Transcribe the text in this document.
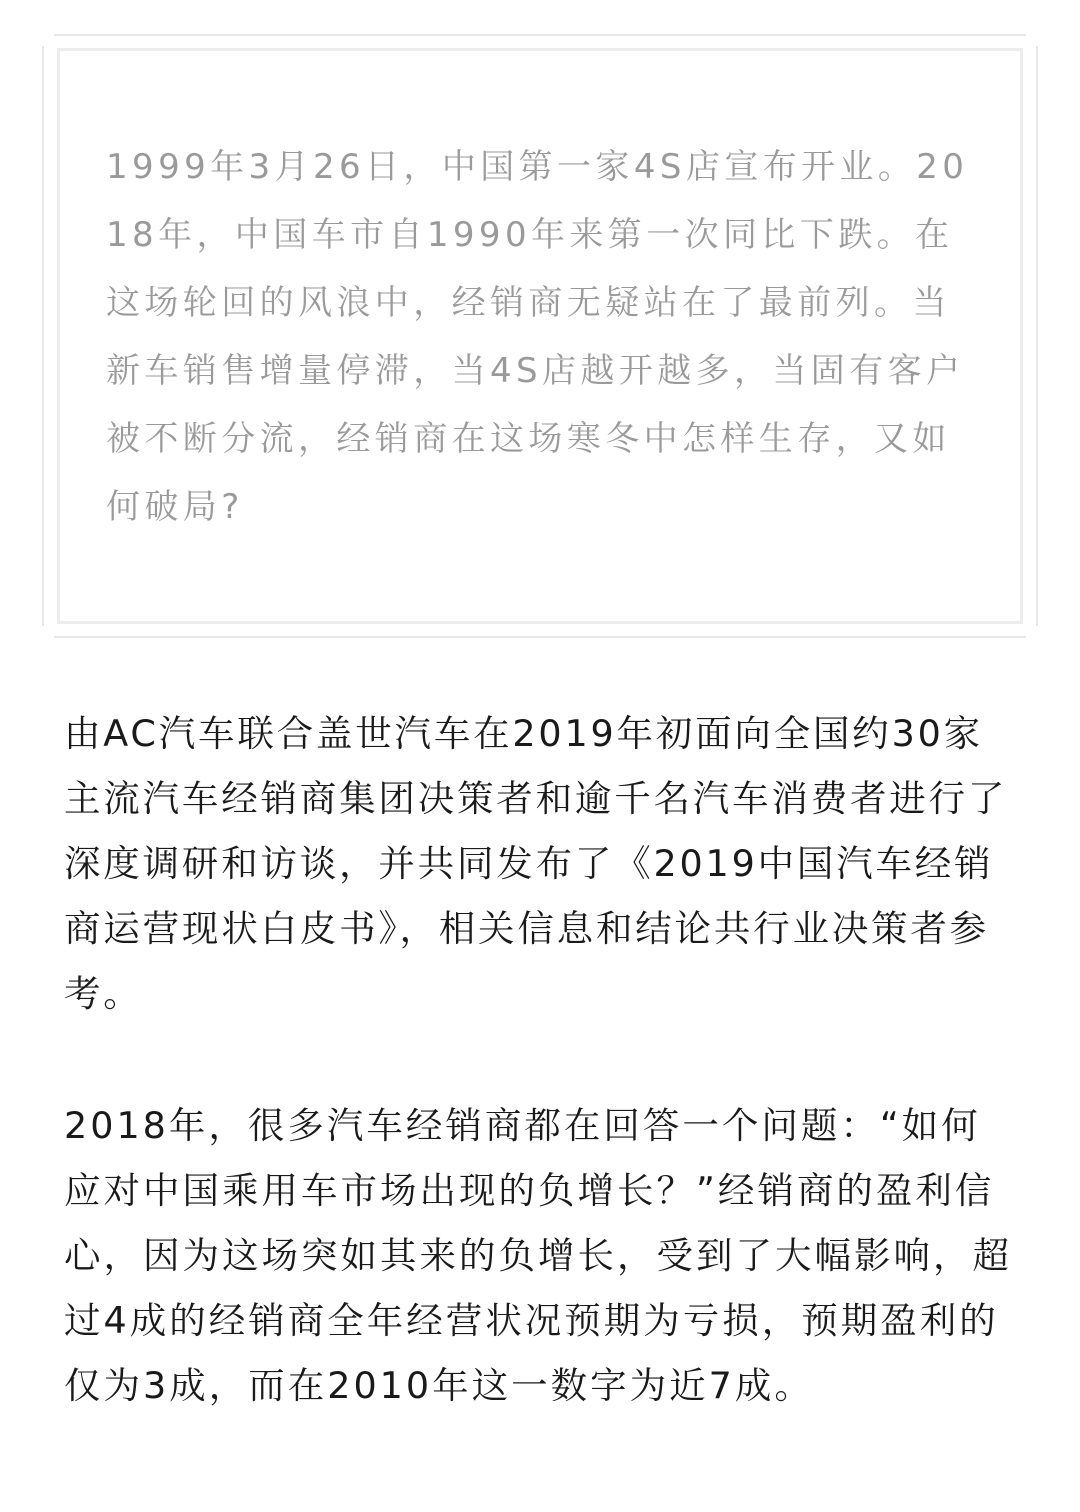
1999年3月26日，中国第一家4S店宣布开业。2018年，中国车市自1990年来第一次同比下跌。在这场轮回的风浪中，经销商无疑站在了最前列。当新车销售增量停滞，当4S店越开越多，当固有客户被不断分流，经销商在这场寒冬中怎样生存，又如何破局?

由AC汽车联合盖世汽车在2019年初面向全国约30家主流汽车经销商集团决策者和逾千名汽车消费者进行了深度调研和访谈，并共同发布了《2019中国汽车经销商运营现状白皮书》，相关信息和结论共行业决策者参考。

2018年，很多汽车经销商都在回答一个问题：“如何应对中国乘用车市场出现的负增长？”经销商的盈利信心，因为这场突如其来的负增长，受到了大幅影响，超过4成的经销商全年经营状况预期为亏损，预期盈利的仅为3成，而在2010年这一数字为近7成。
